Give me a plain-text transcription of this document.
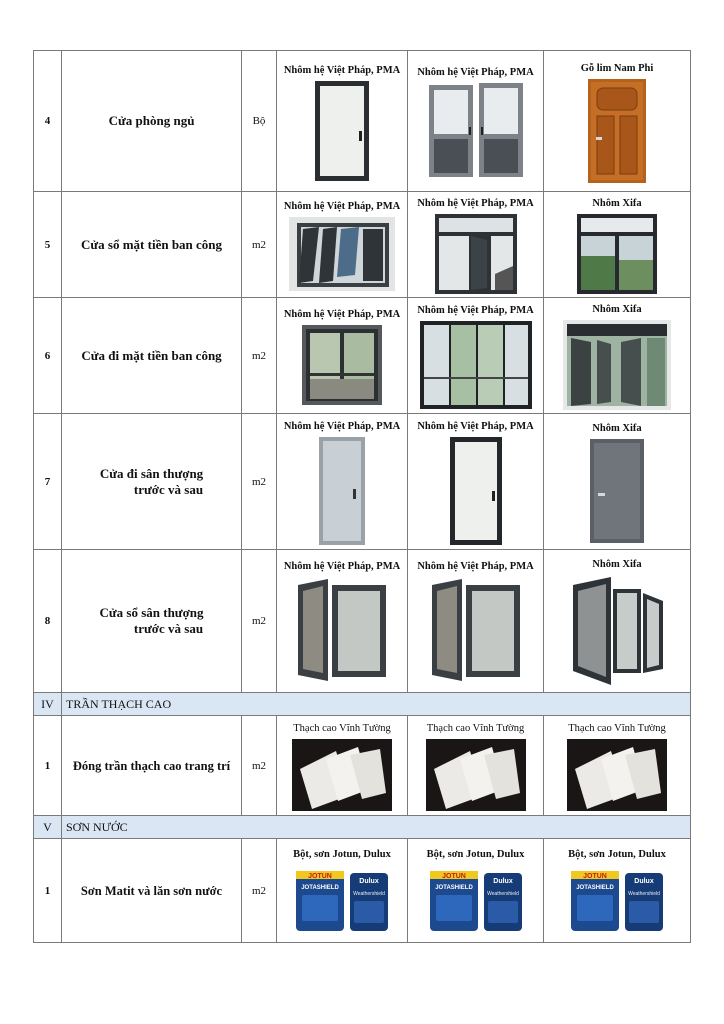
4	Cửa phòng ngủ	Bộ	Nhôm hệ Việt Pháp, PMA	Nhôm hệ Việt Pháp, PMA	Gỗ lim Nam Phi

5	Cửa sổ mặt tiền ban công	m2	Nhôm hệ Việt Pháp, PMA	Nhôm hệ Việt Pháp, PMA	Nhôm Xifa

6	Cửa đi mặt tiền ban công	m2	Nhôm hệ Việt Pháp, PMA	Nhôm hệ Việt Pháp, PMA	Nhôm Xifa

7	Cửa đi sân thượng
trước và sau	m2	Nhôm hệ Việt Pháp, PMA	Nhôm hệ Việt Pháp, PMA	Nhôm Xifa

8	Cửa sổ sân thượng
trước và sau	m2	Nhôm hệ Việt Pháp, PMA	Nhôm hệ Việt Pháp, PMA	Nhôm Xifa

IV	TRẦN THẠCH CAO				
1	Đóng trần thạch cao trang trí	m2	Thạch cao Vĩnh Tường	Thạch cao Vĩnh Tường	Thạch cao Vĩnh Tường

V	SƠN NƯỚC				
1	Sơn Matit và lăn sơn nước	m2	Bột, sơn Jotun, Dulux
JOTUN
JOTASHIELD
Dulux
Weathershield	Bột, sơn Jotun, Dulux
JOTUN
JOTASHIELD
Dulux
Weathershield	Bột, sơn Jotun, Dulux
JOTUN
JOTASHIELD
Dulux
Weathershield
